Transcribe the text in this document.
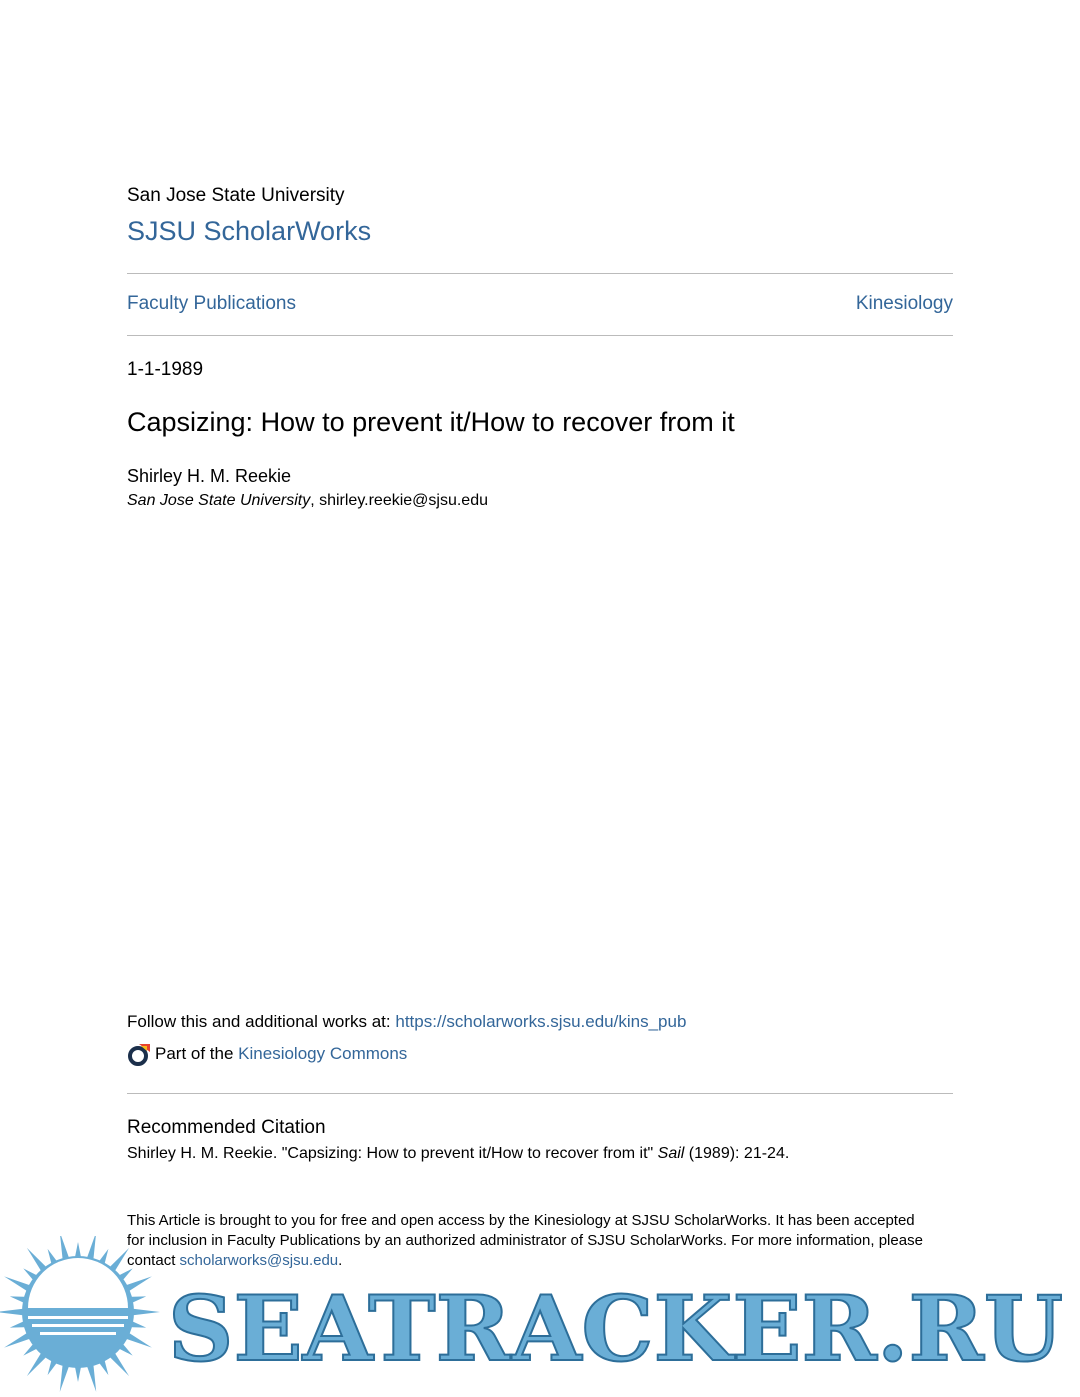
San Jose State University
SJSU ScholarWorks
Faculty Publications	Kinesiology
1-1-1989
Capsizing: How to prevent it/How to recover from it
Shirley H. M. Reekie
San Jose State University, shirley.reekie@sjsu.edu
Follow this and additional works at: https://scholarworks.sjsu.edu/kins_pub
Part of the
Kinesiology Commons
Recommended Citation
Shirley H. M. Reekie. "Capsizing: How to prevent it/How to recover from it" Sail (1989): 21-24.
This Article is brought to you for free and open access by the Kinesiology at SJSU ScholarWorks. It has been accepted for inclusion in Faculty Publications by an authorized administrator of SJSU ScholarWorks. For more information, please contact scholarworks@sjsu.edu.
SEATRACKER.RU
